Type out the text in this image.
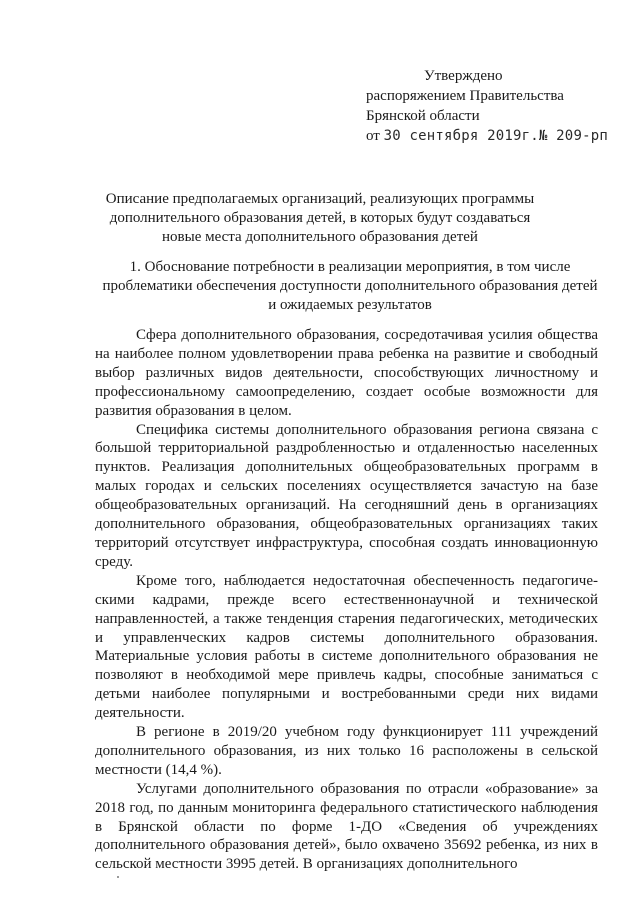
Утверждено
распоряжением Правительства
Брянской области
от 30 сентября 2019г.№ 209-рп
Описание предполагаемых организаций, реализующих программы дополнительного образования детей, в которых будут создаваться новые места дополнительного образования детей
1. Обоснование потребности в реализации мероприятия, в том числе проблематики обеспечения доступности дополнительного образования детей и ожидаемых результатов

Сфера дополнительного образования, сосредотачивая усилия общества на наиболее полном удовлетворении права ребенка на развитие и свободный выбор различных видов деятельности, способствующих личностному и профессиональному самоопределению, создает особые возможности для развития образования в целом.

Специфика системы дополнительного образования региона связана с большой территориальной раздробленностью и отдаленностью населенных пунктов. Реализация дополнительных общеобразовательных программ в малых городах и сельских поселениях осуществляется зачастую на базе общеобразовательных организаций. На сегодняшний день в организациях дополнительного образования, общеобразовательных организациях таких территорий отсутствует инфраструктура, способная создать инновационную среду.

Кроме того, наблюдается недостаточная обеспеченность педагогическими кадрами, прежде всего естественнонаучной и технической направленностей, а также тенденция старения педагогических, методических и управленческих кадров системы дополнительного образования. Материальные условия работы в системе дополнительного образования не позволяют в необходимой мере привлечь кадры, способные заниматься с детьми наиболее популярными и востребованными среди них видами деятельности.

В регионе в 2019/20 учебном году функционирует 111 учреждений дополнительного образования, из них только 16 расположены в сельской местности (14,4 %).

Услугами дополнительного образования по отрасли «образование» за 2018 год, по данным мониторинга федерального статистического наблюдения в Брянской области по форме 1-ДО «Сведения об учреждениях дополнительного образования детей», было охвачено 35692 ребенка, из них в сельской местности 3995 детей. В организациях дополнительного
